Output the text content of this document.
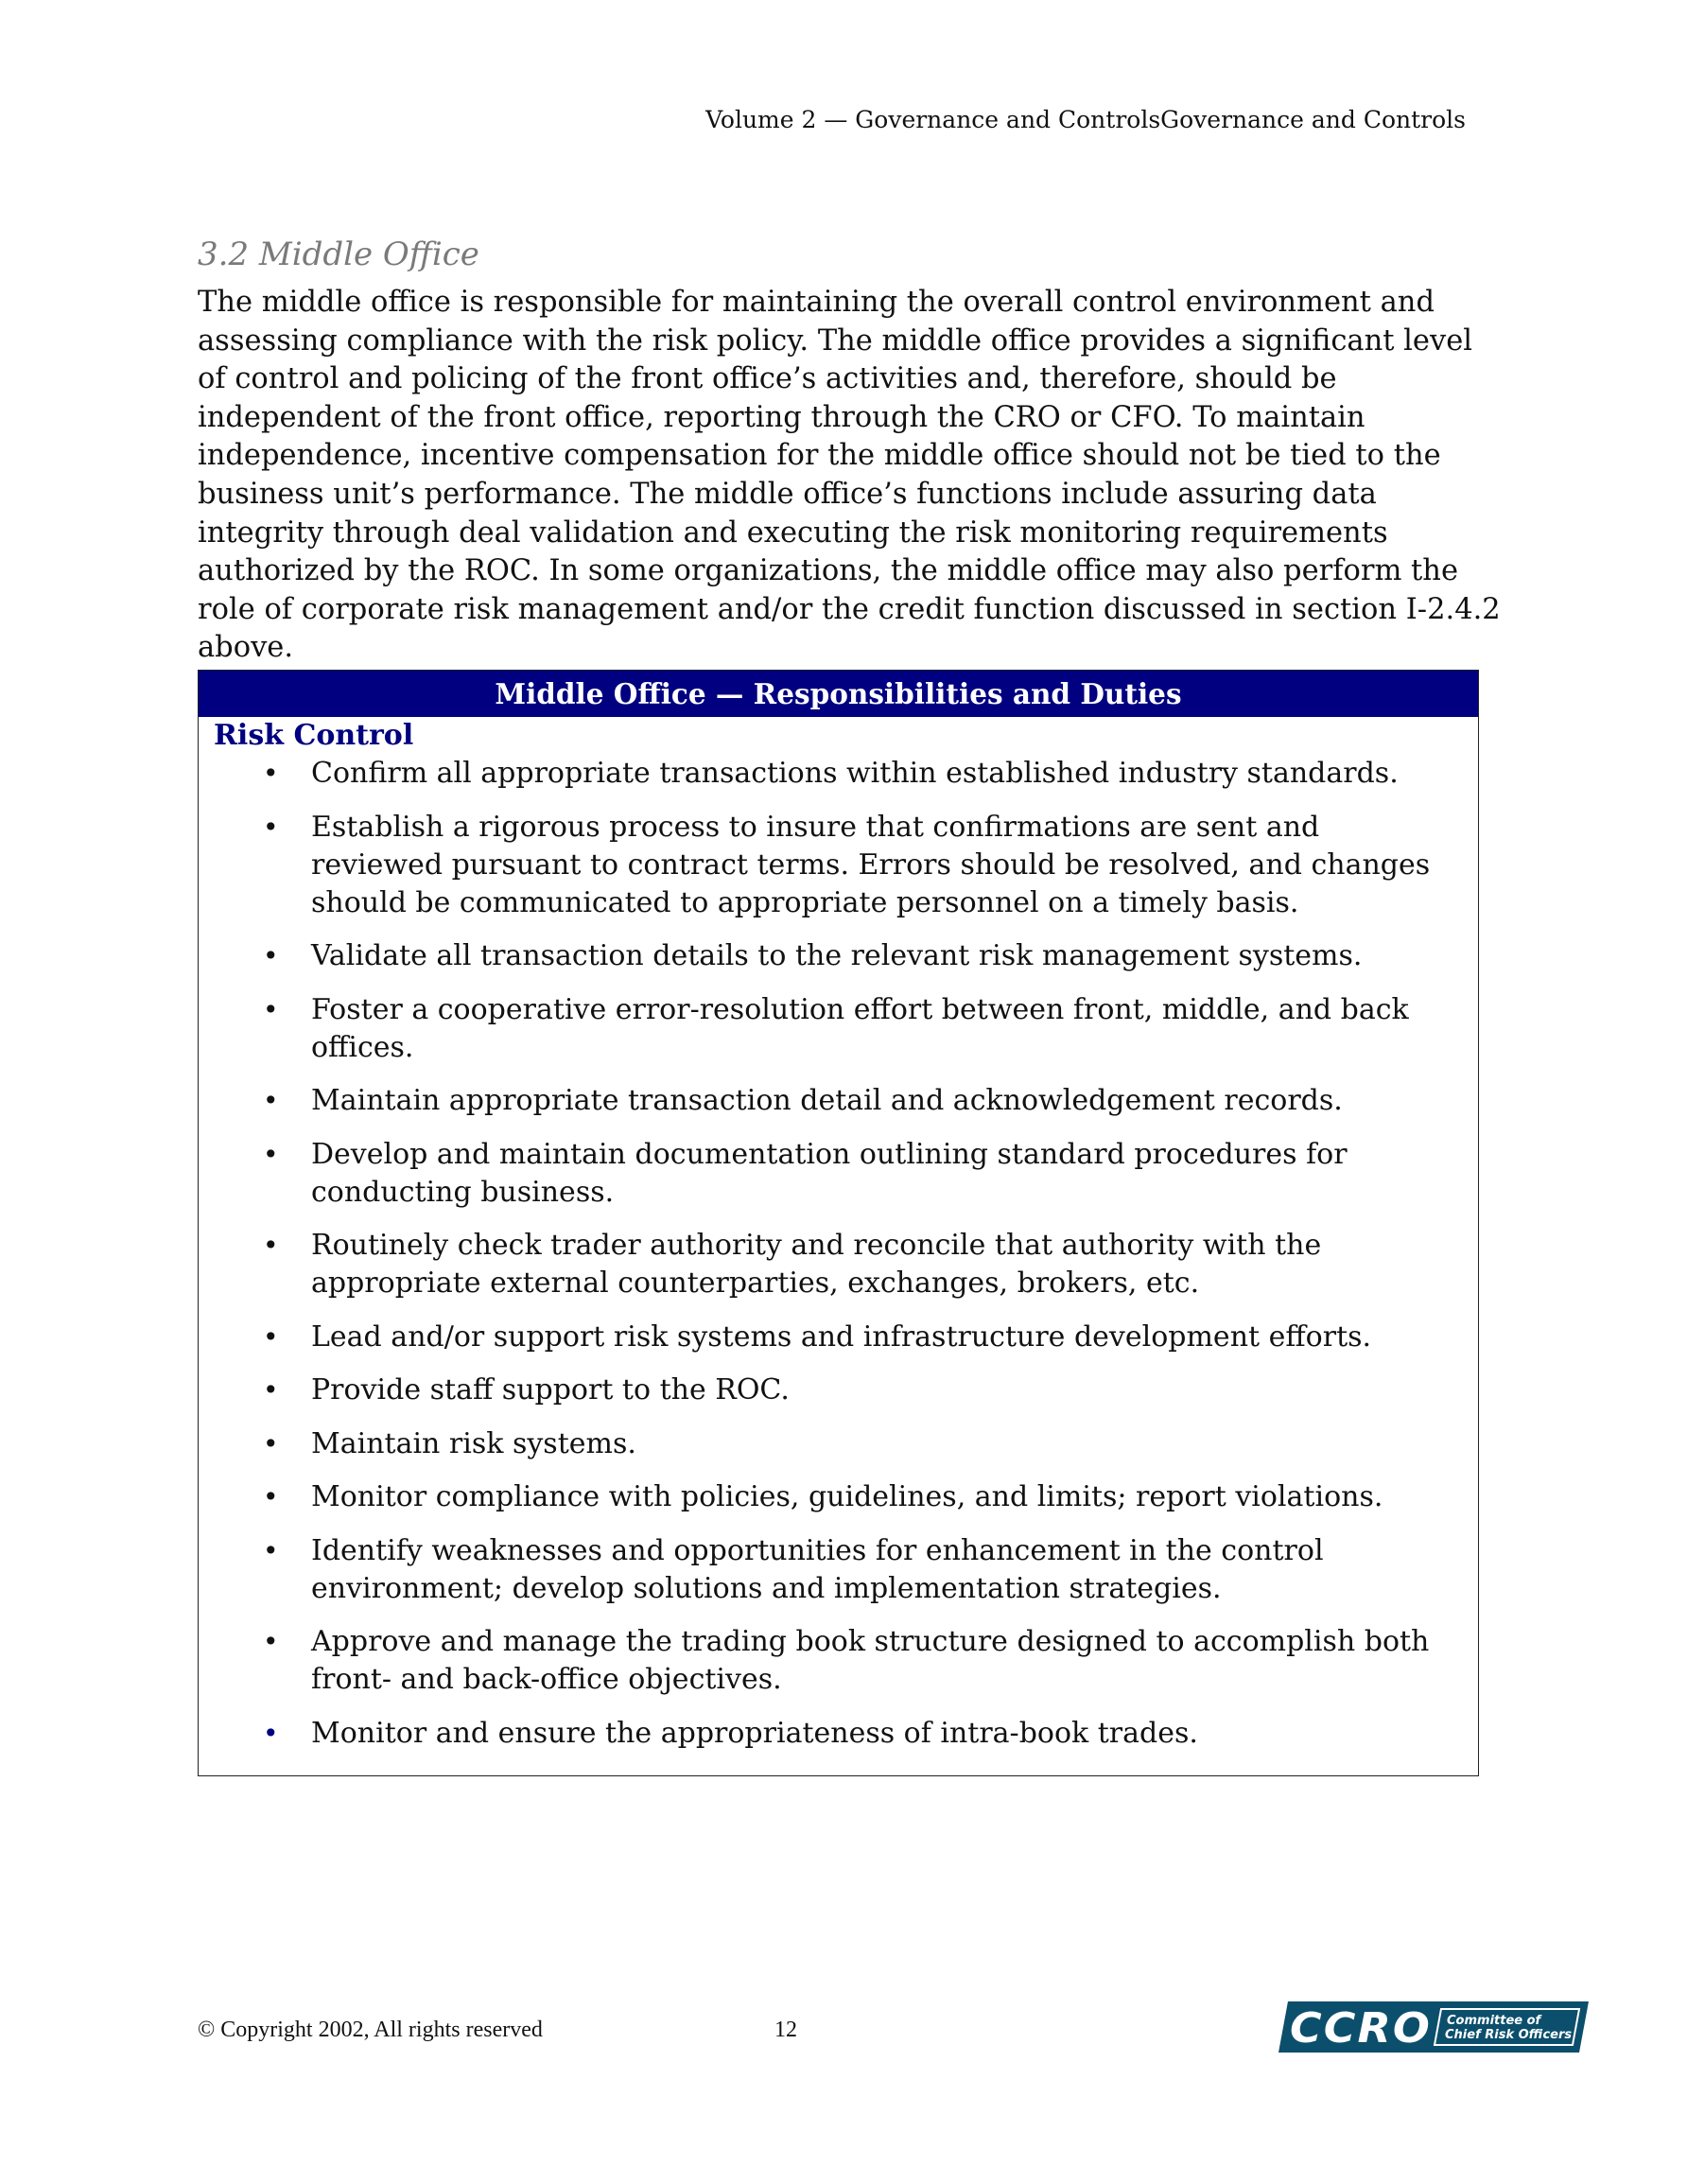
Volume 2 — Governance and ControlsGovernance and Controls
3.2 Middle Office
The middle office is responsible for maintaining the overall control environment and assessing compliance with the risk policy. The middle office provides a significant level of control and policing of the front office’s activities and, therefore, should be independent of the front office, reporting through the CRO or CFO. To maintain independence, incentive compensation for the middle office should not be tied to the business unit’s performance. The middle office’s functions include assuring data integrity through deal validation and executing the risk monitoring requirements authorized by the ROC. In some organizations, the middle office may also perform the role of corporate risk management and/or the credit function discussed in section I-2.4.2 above.
Middle Office — Responsibilities and Duties
Risk Control
• Confirm all appropriate transactions within established industry standards.
• Establish a rigorous process to insure that confirmations are sent and reviewed pursuant to contract terms. Errors should be resolved, and changes should be communicated to appropriate personnel on a timely basis.
• Validate all transaction details to the relevant risk management systems.
• Foster a cooperative error-resolution effort between front, middle, and back offices.
• Maintain appropriate transaction detail and acknowledgement records.
• Develop and maintain documentation outlining standard procedures for conducting business.
• Routinely check trader authority and reconcile that authority with the appropriate external counterparties, exchanges, brokers, etc.
• Lead and/or support risk systems and infrastructure development efforts.
• Provide staff support to the ROC.
• Maintain risk systems.
• Monitor compliance with policies, guidelines, and limits; report violations.
• Identify weaknesses and opportunities for enhancement in the control environment; develop solutions and implementation strategies.
• Approve and manage the trading book structure designed to accomplish both front- and back-office objectives.
• Monitor and ensure the appropriateness of intra-book trades.
© Copyright 2002, All rights reserved	12	CCRO Committee of
Chief Risk Officers
